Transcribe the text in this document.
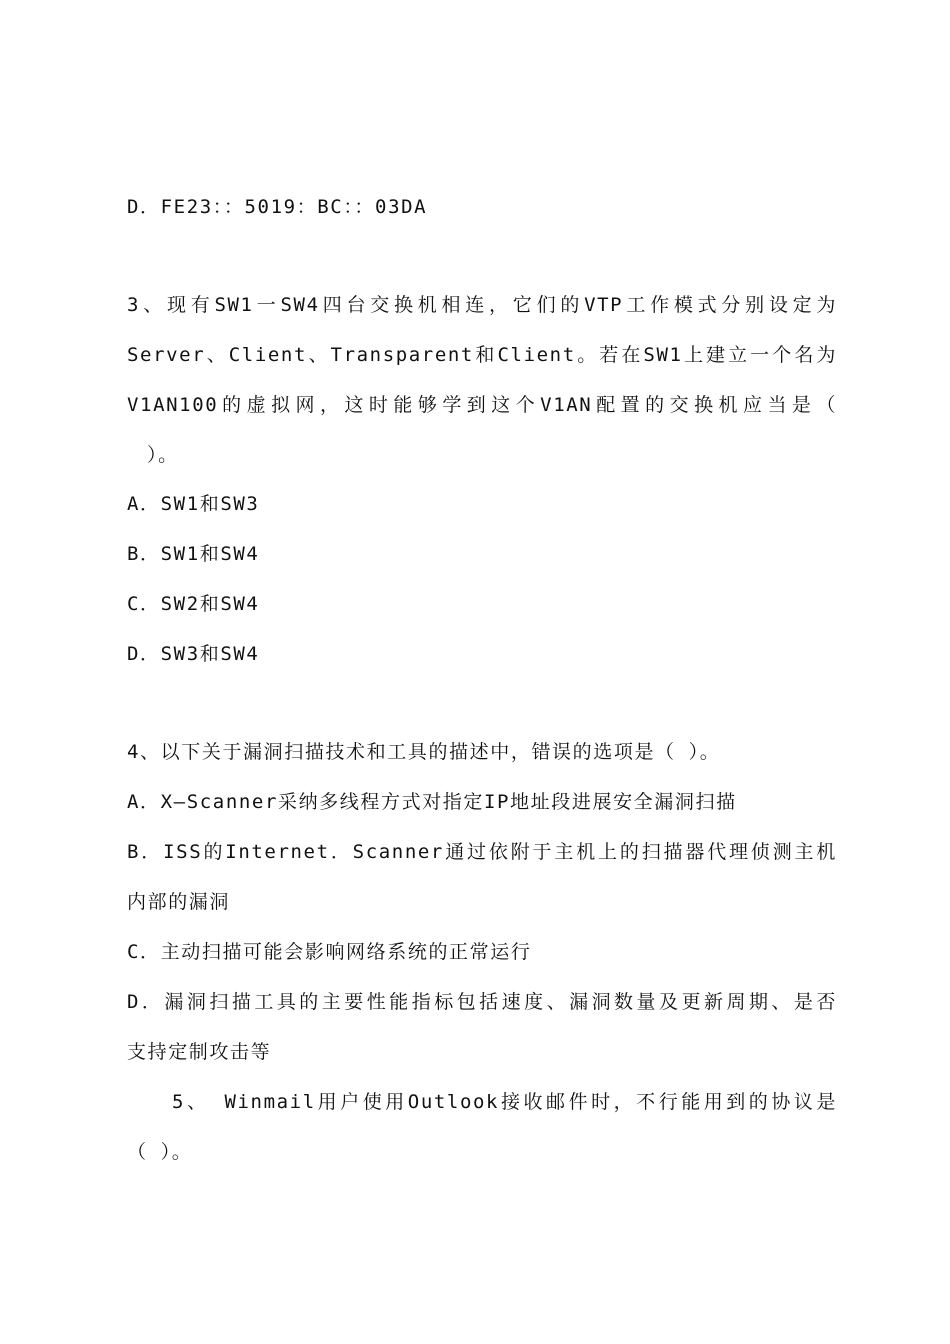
D．FE23：：5019：BC：：03DA
3、现有SW1一SW4四台交换机相连，它们的VTP工作模式分别设定为
Server、Client、Transparent和Client。若在SW1上建立一个名为
V1AN100的虚拟网，这时能够学到这个V1AN配置的交换机应当是（
）。
A．SW1和SW3
B．SW1和SW4
C．SW2和SW4
D．SW3和SW4
4、以下关于漏洞扫描技术和工具的描述中，错误的选项是（ ）。
A．X—Scanner采纳多线程方式对指定IP地址段进展安全漏洞扫描
B．ISS的Internet．Scanner通过依附于主机上的扫描器代理侦测主机
内部的漏洞
C．主动扫描可能会影响网络系统的正常运行
D．漏洞扫描工具的主要性能指标包括速度、漏洞数量及更新周期、是否
支持定制攻击等
5、 Winmail用户使用Outlook接收邮件时，不行能用到的协议是
（ ）。
